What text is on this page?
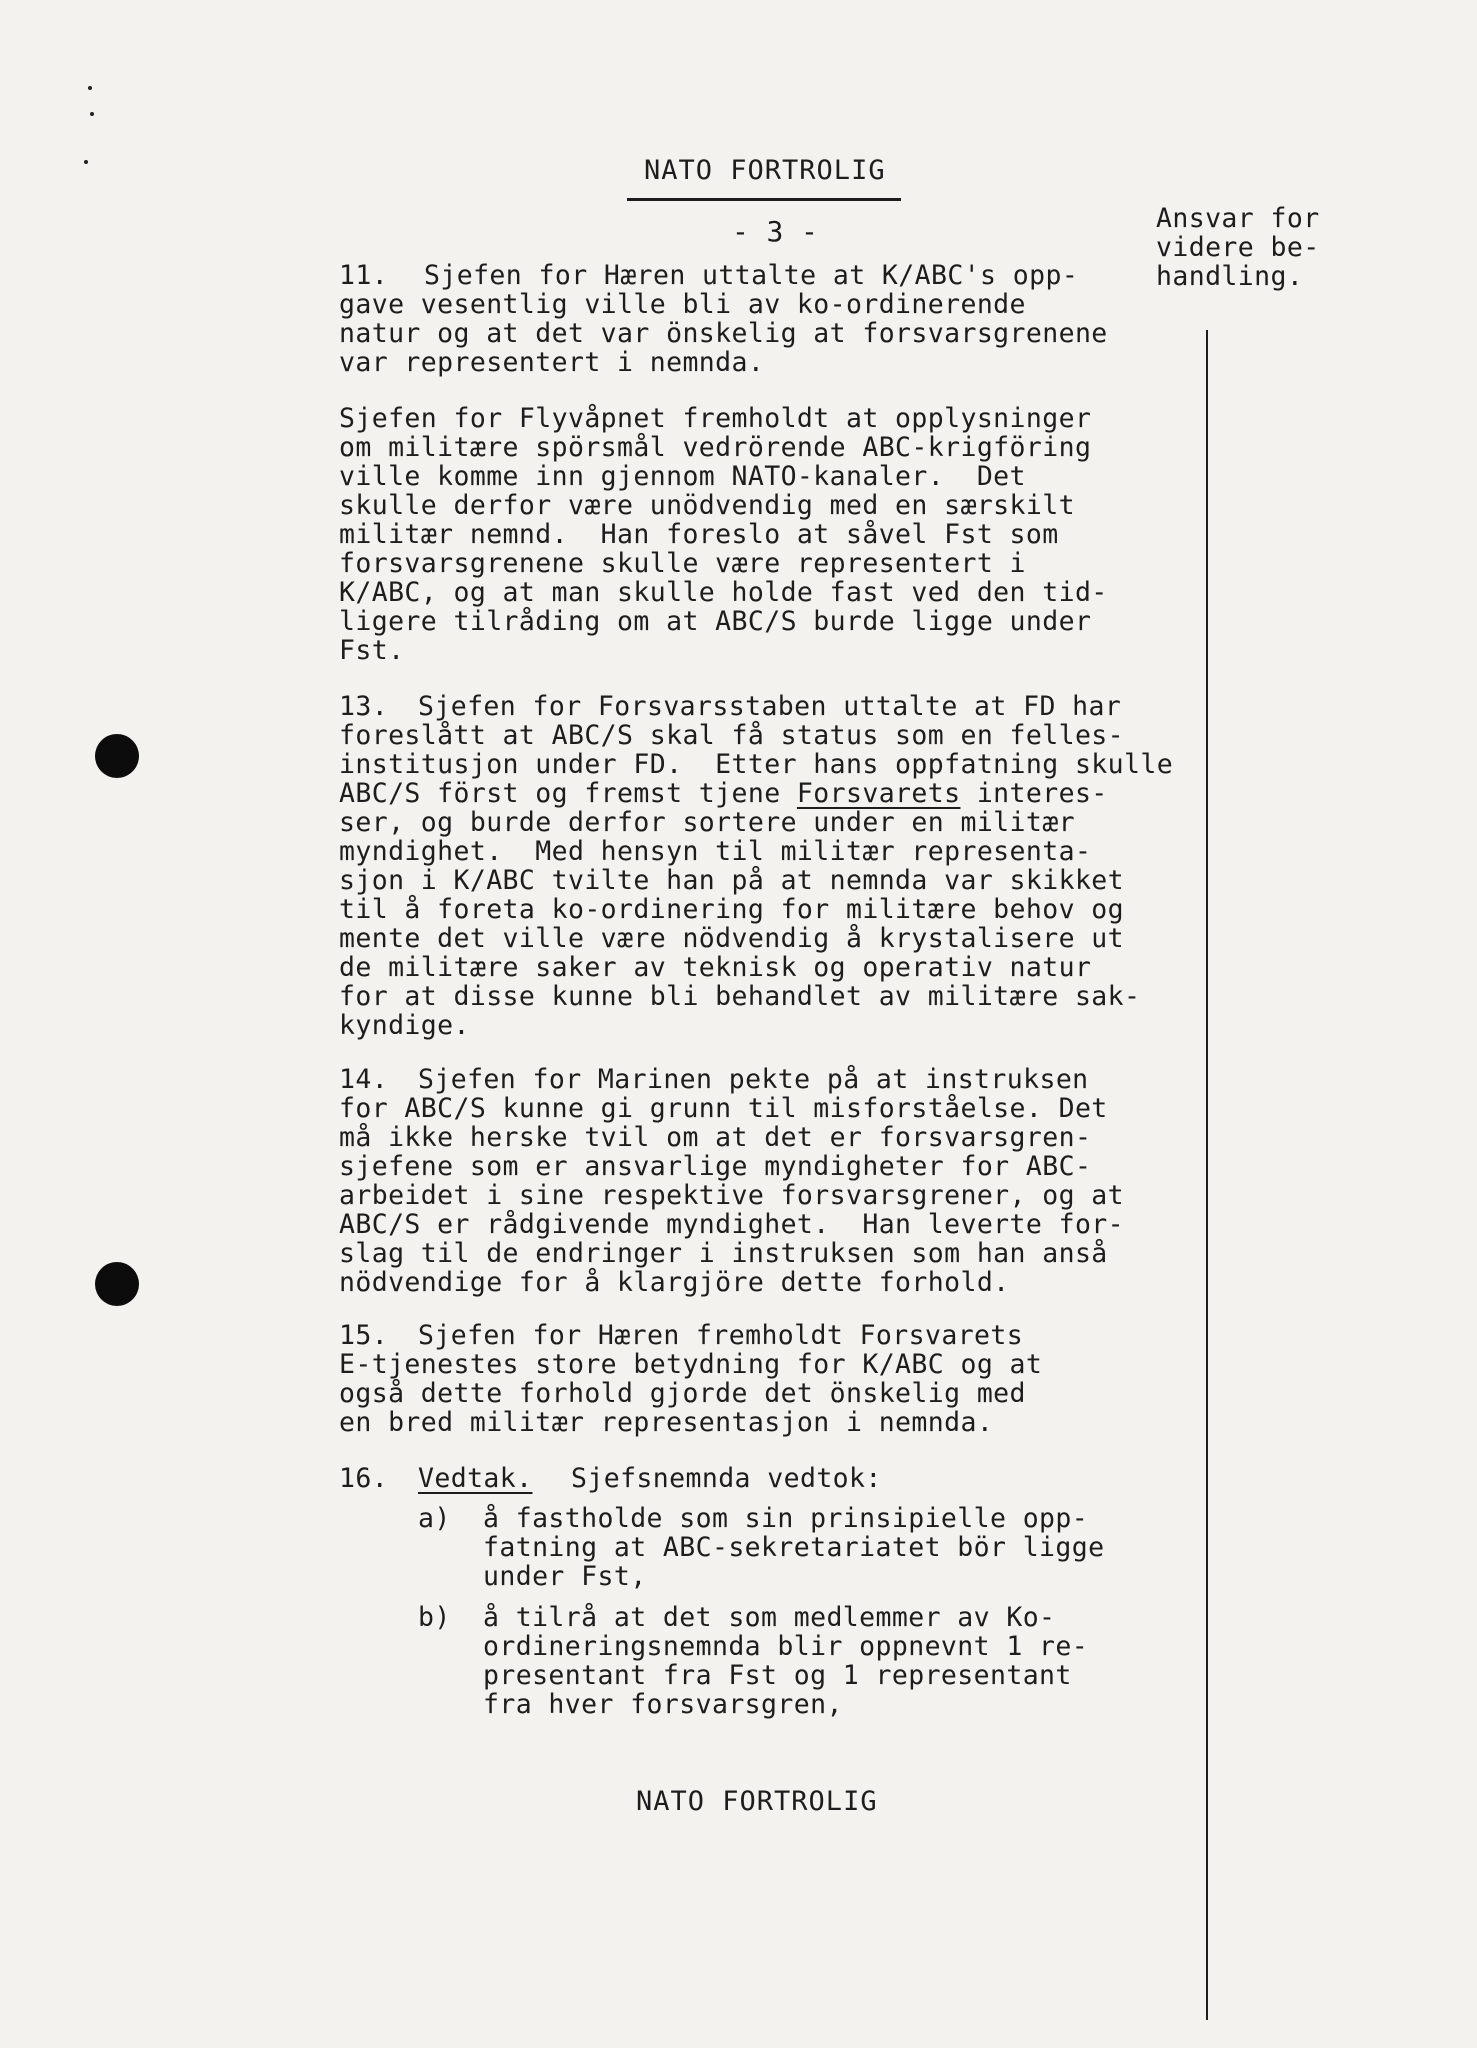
NATO FORTROLIG
- 3 -	Ansvar for
videre be-
handling.
11. Sjefen for Hæren uttalte at K/ABC's opp-
gave vesentlig ville bli av ko-ordinerende
natur og at det var önskelig at forsvarsgrenene
var representert i nemnda.
Sjefen for Flyvåpnet fremholdt at opplysninger
om militære spörsmål vedrörende ABC-krigföring
ville komme inn gjennom NATO-kanaler.  Det
skulle derfor være unödvendig med en særskilt
militær nemnd.  Han foreslo at såvel Fst som
forsvarsgrenene skulle være representert i
K/ABC, og at man skulle holde fast ved den tid-
ligere tilråding om at ABC/S burde ligge under
Fst.
13. Sjefen for Forsvarsstaben uttalte at FD har
foreslått at ABC/S skal få status som en felles-
institusjon under FD.  Etter hans oppfatning skulle
ABC/S först og fremst tjene Forsvarets interes-
ser, og burde derfor sortere under en militær
myndighet.  Med hensyn til militær representa-
sjon i K/ABC tvilte han på at nemnda var skikket
til å foreta ko-ordinering for militære behov og
mente det ville være nödvendig å krystalisere ut
de militære saker av teknisk og operativ natur
for at disse kunne bli behandlet av militære sak-
kyndige.
14. Sjefen for Marinen pekte på at instruksen
for ABC/S kunne gi grunn til misforståelse. Det
må ikke herske tvil om at det er forsvarsgren-
sjefene som er ansvarlige myndigheter for ABC-
arbeidet i sine respektive forsvarsgrener, og at
ABC/S er rådgivende myndighet.  Han leverte for-
slag til de endringer i instruksen som han anså
nödvendige for å klargjöre dette forhold.
15. Sjefen for Hæren fremholdt Forsvarets
E-tjenestes store betydning for K/ABC og at
også dette forhold gjorde det önskelig med
en bred militær representasjon i nemnda.
16. Vedtak. Sjefsnemnda vedtok:
a) å fastholde som sin prinsipielle opp-
fatning at ABC-sekretariatet bör ligge
under Fst,
b) å tilrå at det som medlemmer av Ko-
ordineringsnemnda blir oppnevnt 1 re-
presentant fra Fst og 1 representant
fra hver forsvarsgren,
NATO FORTROLIG
